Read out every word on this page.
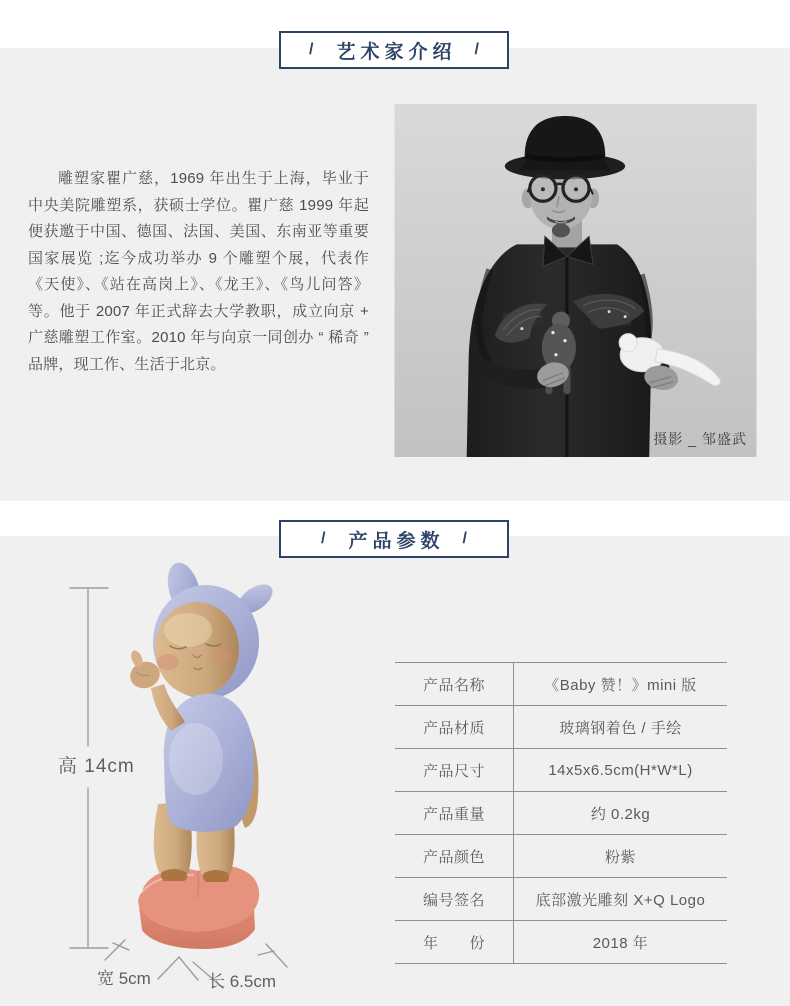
/ 艺术家介绍 /

雕塑家瞿广慈，1969 年出生于上海，毕业于中央美院雕塑系，获硕士学位。瞿广慈 1999 年起便获邀于中国、德国、法国、美国、东南亚等重要国家展览 ;迄今成功举办 9 个雕塑个展，代表作《天使》、《站在高岗上》、《龙王》、《鸟儿问答》等。他于 2007 年正式辞去大学教职，成立向京 + 广慈雕塑工作室。2010 年与向京一同创办 “ 稀奇 ” 品牌，现工作、生活于北京。

摄影 _ 邹盛武
/ 产品参数 /
高 14cm
宽 5cm	长 6.5cm
产品名称	《Baby 赞！》mini 版
产品材质	玻璃钢着色 / 手绘
产品尺寸	14x5x6.5cm(H*W*L)
产品重量	约 0.2kg
产品颜色	粉紫
编号签名	底部激光雕刻 X+Q Logo
年　　份	2018 年
